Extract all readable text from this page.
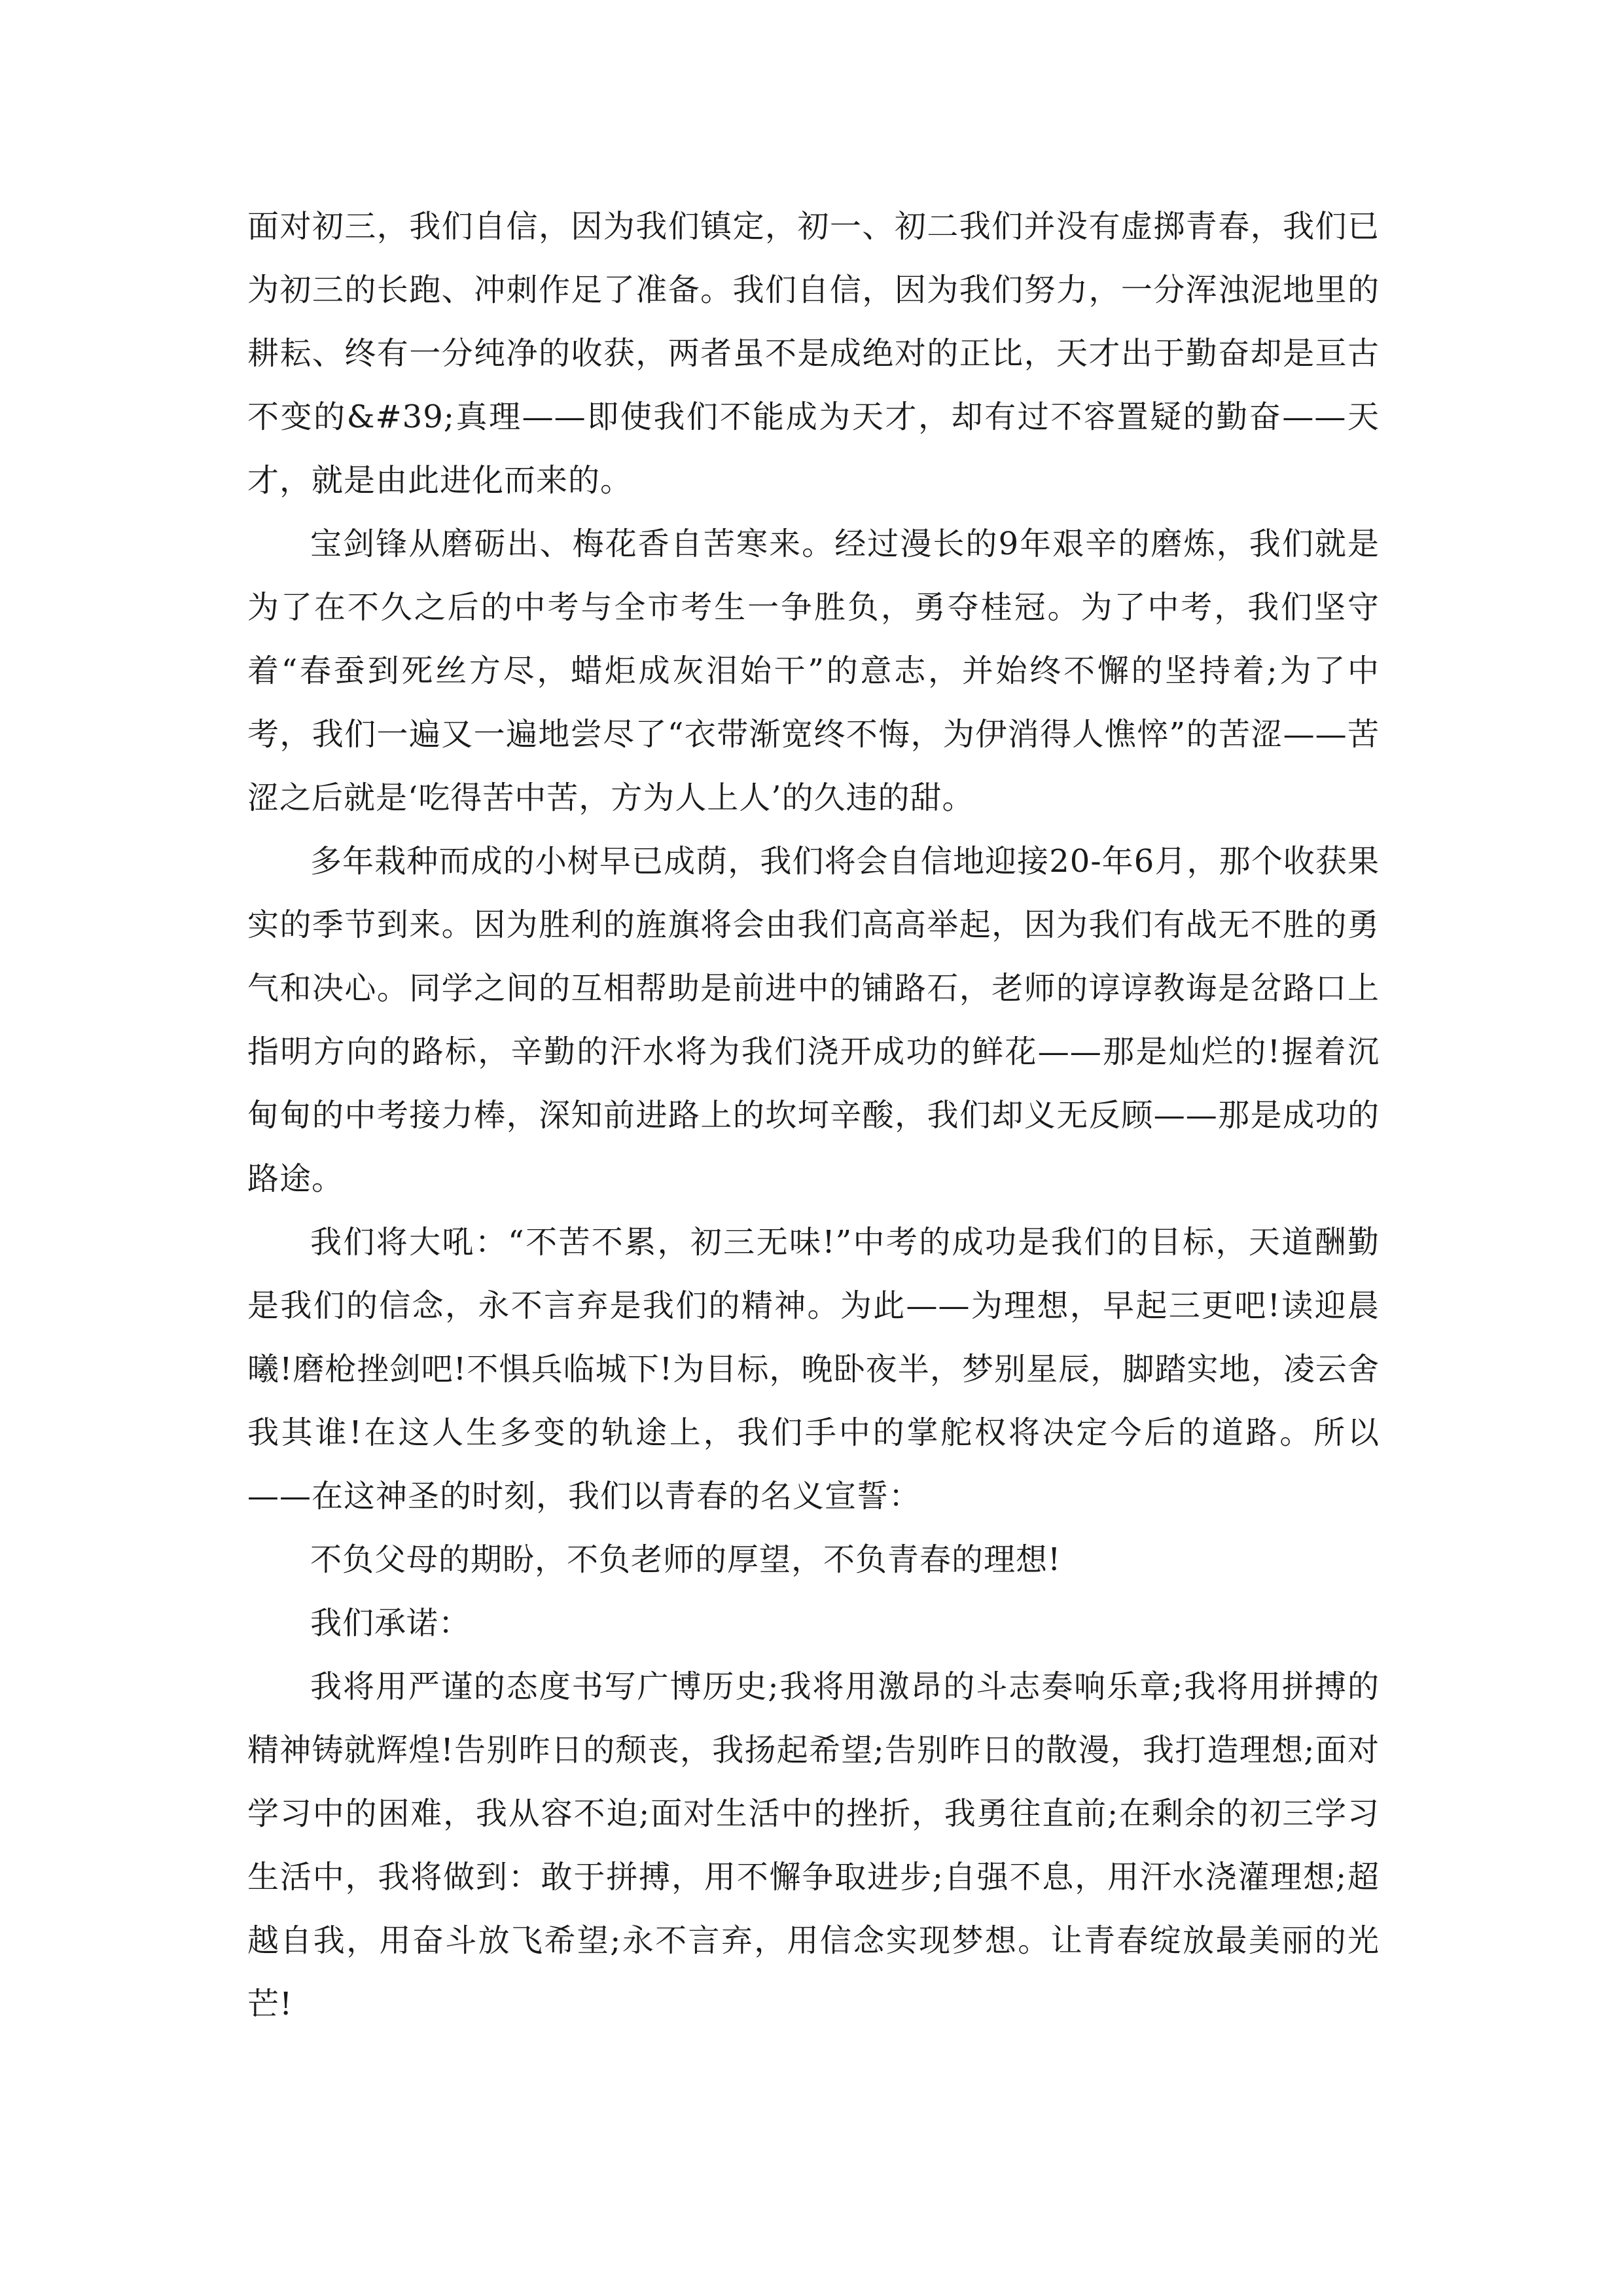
面对初三，我们自信，因为我们镇定，初一、初二我们并没有虚掷青春，我们已为初三的长跑、冲刺作足了准备。我们自信，因为我们努力，一分浑浊泥地里的耕耘、终有一分纯净的收获，两者虽不是成绝对的正比，天才出于勤奋却是亘古不变的&#39;真理——即使我们不能成为天才，却有过不容置疑的勤奋——天才，就是由此进化而来的。

宝剑锋从磨砺出、梅花香自苦寒来。经过漫长的9年艰辛的磨炼，我们就是为了在不久之后的中考与全市考生一争胜负，勇夺桂冠。为了中考，我们坚守着“春蚕到死丝方尽，蜡炬成灰泪始干”的意志，并始终不懈的坚持着;为了中考，我们一遍又一遍地尝尽了“衣带渐宽终不悔，为伊消得人憔悴”的苦涩——苦涩之后就是‘吃得苦中苦，方为人上人’的久违的甜。

多年栽种而成的小树早已成荫，我们将会自信地迎接20-年6月，那个收获果实的季节到来。因为胜利的旌旗将会由我们高高举起，因为我们有战无不胜的勇气和决心。同学之间的互相帮助是前进中的铺路石，老师的谆谆教诲是岔路口上指明方向的路标，辛勤的汗水将为我们浇开成功的鲜花——那是灿烂的!握着沉甸甸的中考接力棒，深知前进路上的坎坷辛酸，我们却义无反顾——那是成功的路途。

我们将大吼：“不苦不累，初三无味!”中考的成功是我们的目标，天道酬勤是我们的信念，永不言弃是我们的精神。为此——为理想，早起三更吧!读迎晨曦!磨枪挫剑吧!不惧兵临城下!为目标，晚卧夜半，梦别星辰，脚踏实地，凌云舍我其谁!在这人生多变的轨途上，我们手中的掌舵权将决定今后的道路。所以——在这神圣的时刻，我们以青春的名义宣誓：

不负父母的期盼，不负老师的厚望，不负青春的理想!

我们承诺：

我将用严谨的态度书写广博历史;我将用激昂的斗志奏响乐章;我将用拼搏的精神铸就辉煌!告别昨日的颓丧，我扬起希望;告别昨日的散漫，我打造理想;面对学习中的困难，我从容不迫;面对生活中的挫折，我勇往直前;在剩余的初三学习生活中，我将做到：敢于拼搏，用不懈争取进步;自强不息，用汗水浇灌理想;超越自我，用奋斗放飞希望;永不言弃，用信念实现梦想。让青春绽放最美丽的光芒!
